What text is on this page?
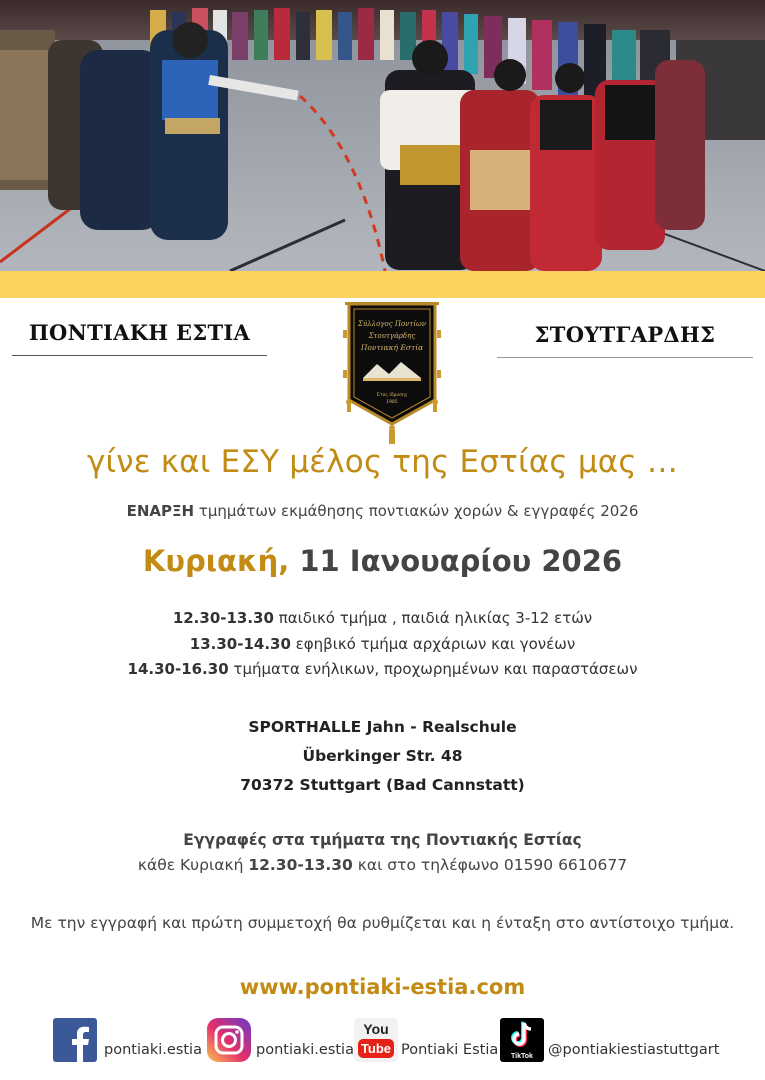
ΠΟΝΤΙΑΚΗ ΕΣΤΙΑ	ΣΤΟΥΤΓΑΡΔΗΣ
Σύλλογος Ποντίων
Στουτγάρδης
Ποντιακή Εστία
Έτος ίδρυσης
1985
γίνε και ΕΣΥ μέλος της Εστίας μας …
ΕΝΑΡΞΗ τμημάτων εκμάθησης ποντιακών χορών & εγγραφές 2026
Κυριακή, 11 Ιανουαρίου 2026
12.30-13.30 παιδικό τμήμα , παιδιά ηλικίας 3-12 ετών
13.30-14.30 εφηβικό τμήμα αρχάριων και γονέων
14.30-16.30 τμήματα ενήλικων, προχωρημένων και παραστάσεων
SPORTHALLE Jahn - Realschule
Überkinger Str. 48
70372 Stuttgart (Bad Cannstatt)
Εγγραφές στα τμήματα της Ποντιακής Εστίας
κάθε Κυριακή 12.30-13.30 και στο τηλέφωνο 01590 6610677
Με την εγγραφή και πρώτη συμμετοχή θα ρυθμίζεται και η ένταξη στο αντίστοιχο τμήμα.
www.pontiaki-estia.com
pontiaki.estia	pontiaki.estia
You
Tube Pontiaki Estia	TikTok	@pontiakiestiastuttgart
